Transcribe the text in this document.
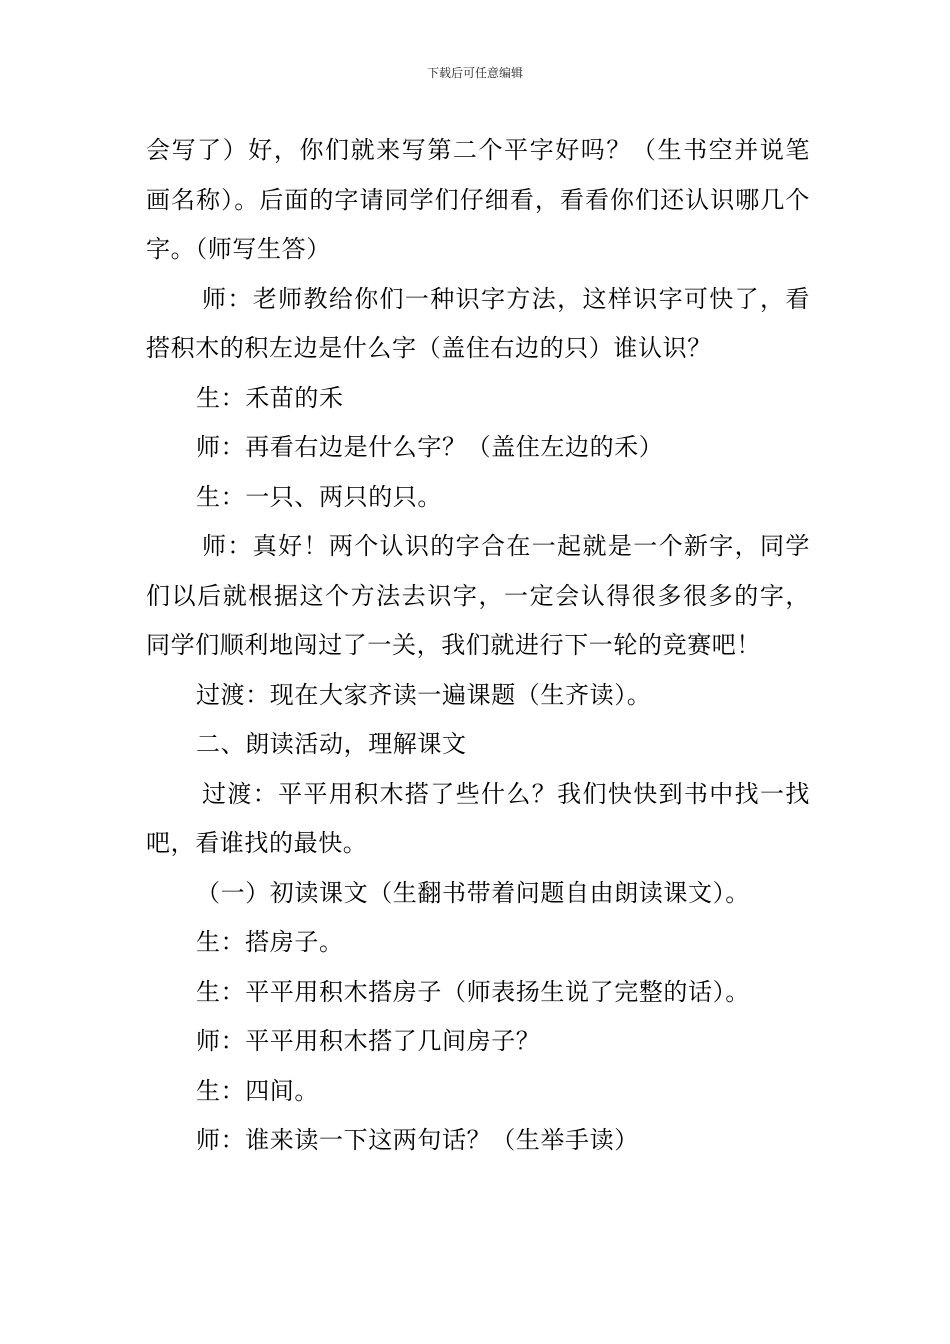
下载后可任意编辑

会写了）好，你们就来写第二个平字好吗？（生书空并说笔画名称）。后面的字请同学们仔细看，看看你们还认识哪几个字。（师写生答）

师：老师教给你们一种识字方法，这样识字可快了，看搭积木的积左边是什么字（盖住右边的只）谁认识？

生：禾苗的禾

师：再看右边是什么字？（盖住左边的禾）

生：一只、两只的只。

师：真好！两个认识的字合在一起就是一个新字，同学们以后就根据这个方法去识字，一定会认得很多很多的字，同学们顺利地闯过了一关，我们就进行下一轮的竞赛吧！

过渡：现在大家齐读一遍课题（生齐读）。

二、朗读活动，理解课文

过渡：平平用积木搭了些什么？我们快快到书中找一找吧，看谁找的最快。

（一）初读课文（生翻书带着问题自由朗读课文）。

生：搭房子。

生：平平用积木搭房子（师表扬生说了完整的话）。

师：平平用积木搭了几间房子？

生：四间。

师：谁来读一下这两句话？（生举手读）
